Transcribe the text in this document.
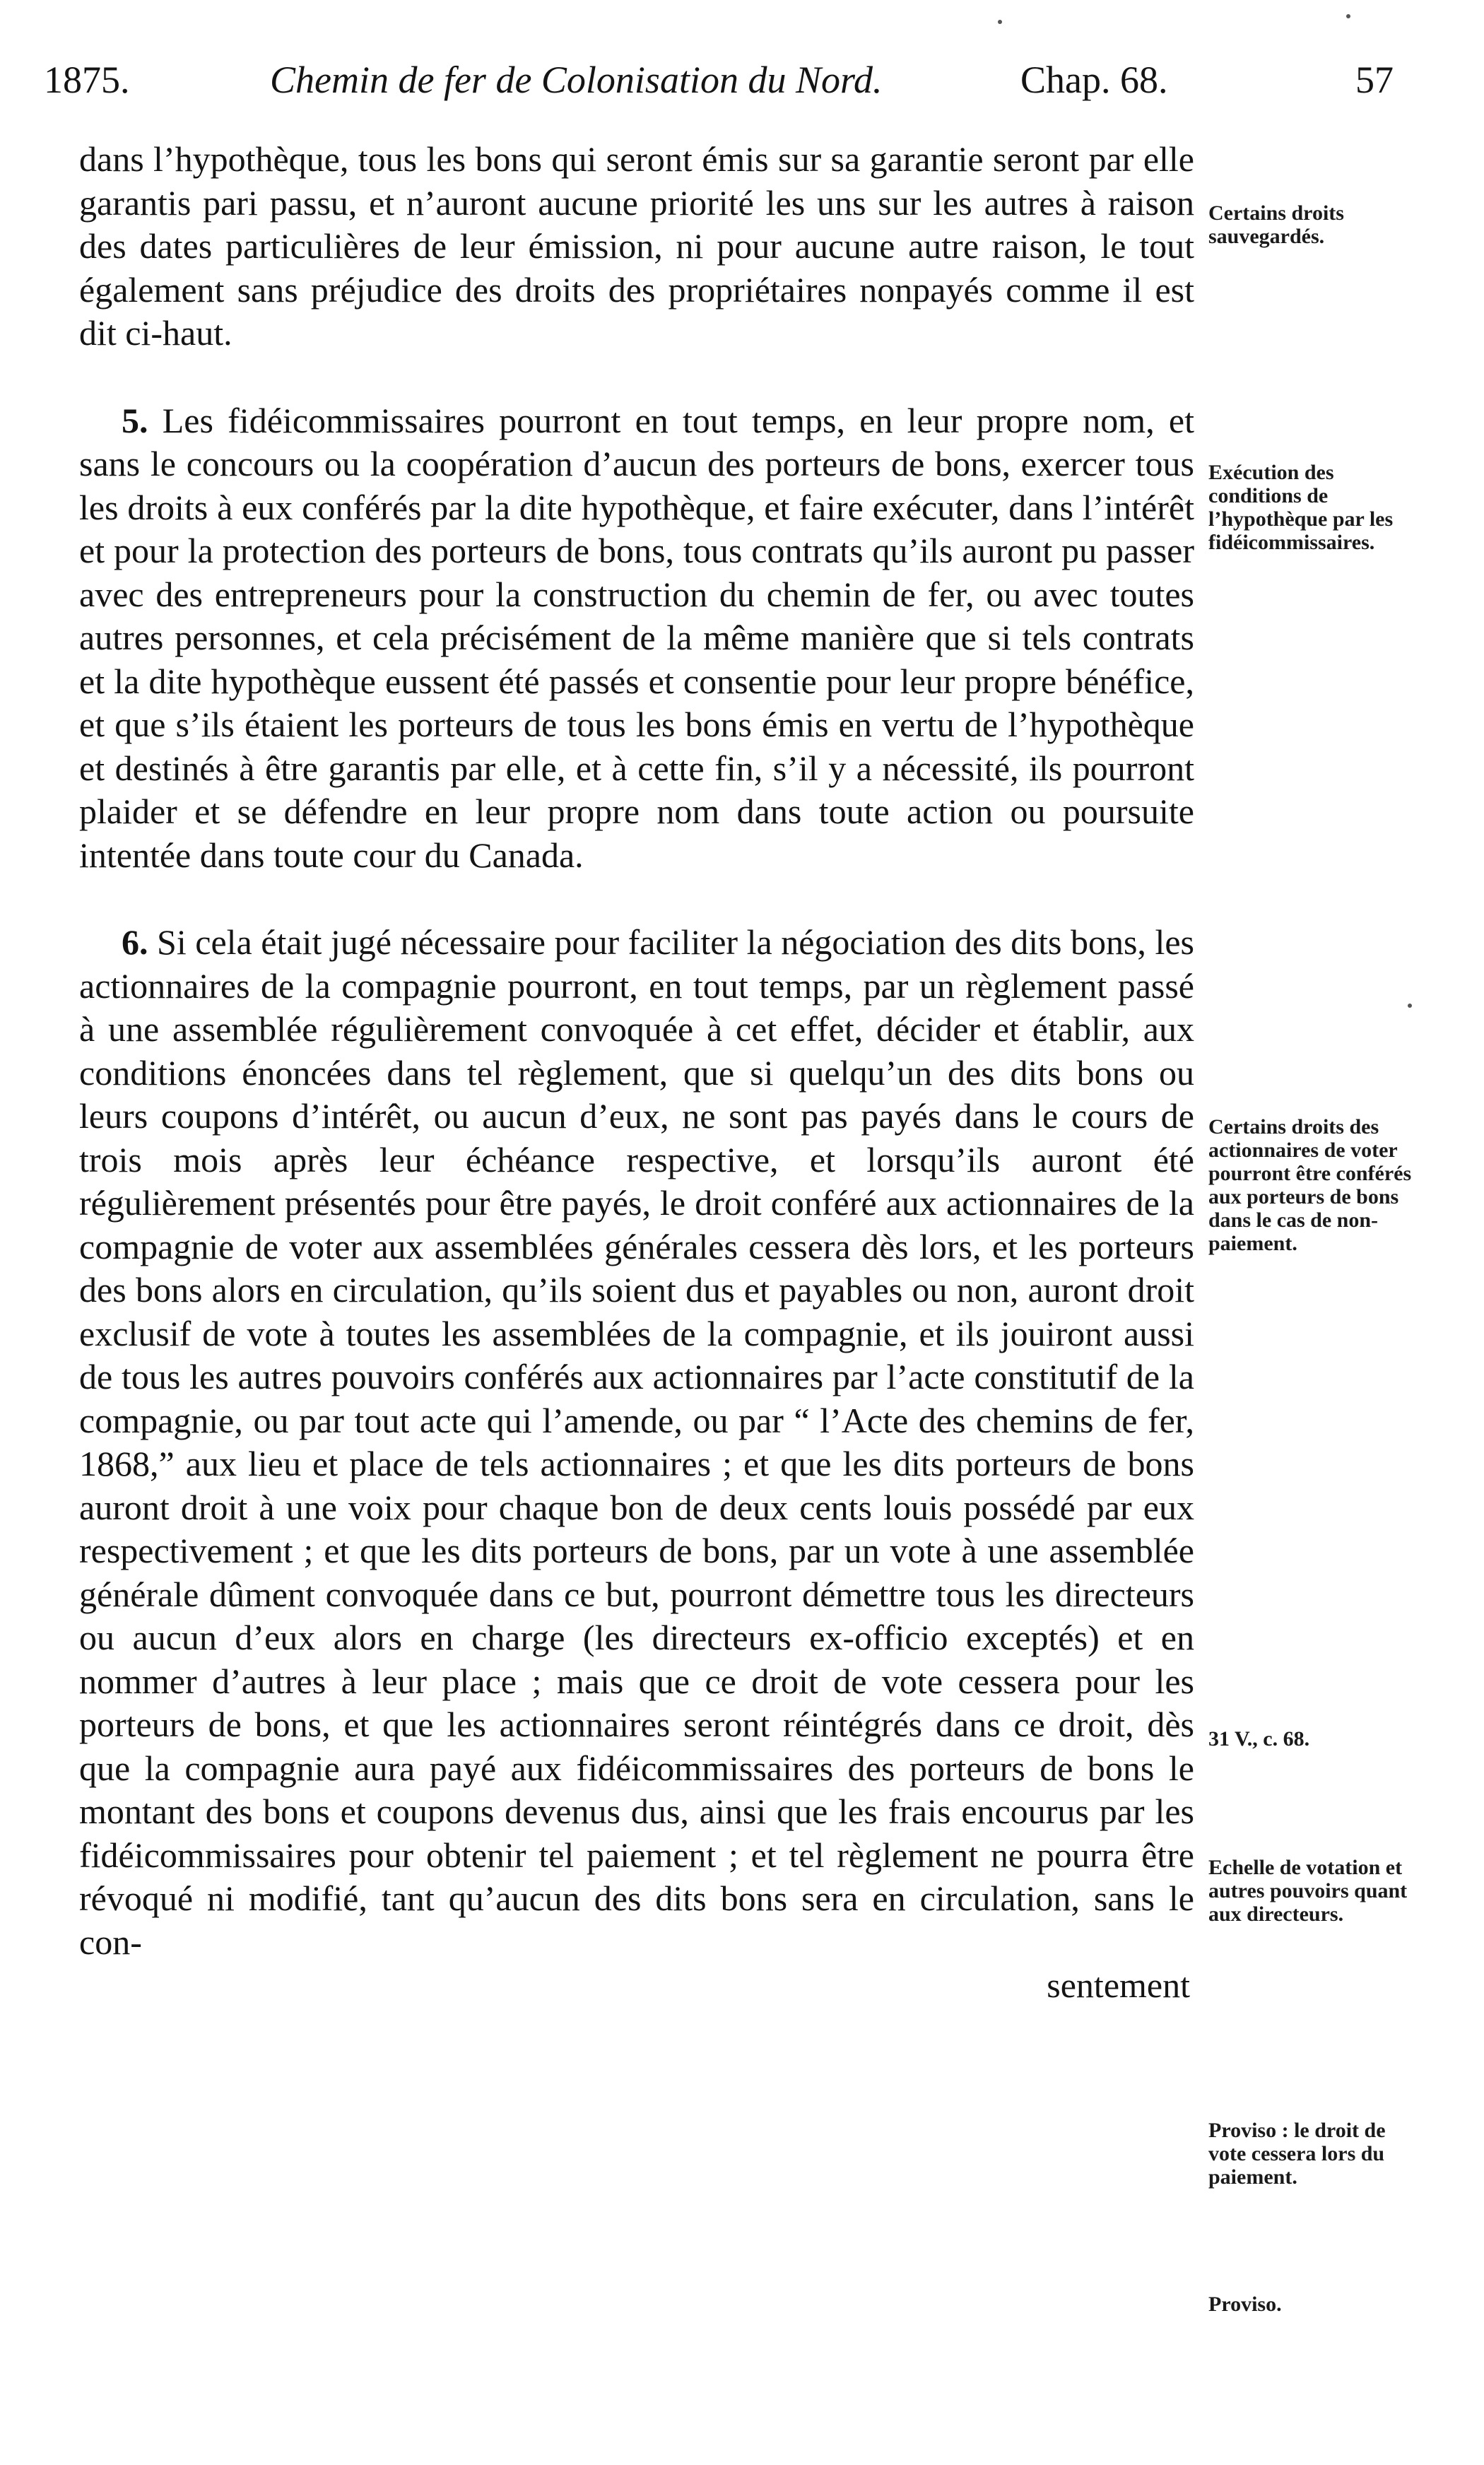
1875.	Chemin de fer de Colonisation du Nord.	Chap. 68.	57

dans l’hypothèque, tous les bons qui seront émis sur sa garantie seront par elle garantis pari passu, et n’auront aucune priorité les uns sur les autres à raison des dates particulières de leur émission, ni pour aucune autre raison, le tout également sans préjudice des droits des propriétaires nonpayés comme il est dit ci-haut.

5. Les fidéicommissaires pourront en tout temps, en leur propre nom, et sans le concours ou la coopération d’aucun des porteurs de bons, exercer tous les droits à eux conférés par la dite hypothèque, et faire exécuter, dans l’intérêt et pour la protection des porteurs de bons, tous contrats qu’ils auront pu passer avec des entrepreneurs pour la construction du chemin de fer, ou avec toutes autres personnes, et cela précisément de la même manière que si tels contrats et la dite hypothèque eussent été passés et consentie pour leur propre bénéfice, et que s’ils étaient les porteurs de tous les bons émis en vertu de l’hypothèque et destinés à être garantis par elle, et à cette fin, s’il y a nécessité, ils pourront plaider et se défendre en leur propre nom dans toute action ou poursuite intentée dans toute cour du Canada.

6. Si cela était jugé nécessaire pour faciliter la négociation des dits bons, les actionnaires de la compagnie pourront, en tout temps, par un règlement passé à une assemblée régulièrement convoquée à cet effet, décider et établir, aux conditions énoncées dans tel règlement, que si quelqu’un des dits bons ou leurs coupons d’intérêt, ou aucun d’eux, ne sont pas payés dans le cours de trois mois après leur échéance respective, et lorsqu’ils auront été régulièrement présentés pour être payés, le droit conféré aux actionnaires de la compagnie de voter aux assemblées générales cessera dès lors, et les porteurs des bons alors en circulation, qu’ils soient dus et payables ou non, auront droit exclusif de vote à toutes les assemblées de la compagnie, et ils jouiront aussi de tous les autres pouvoirs conférés aux actionnaires par l’acte constitutif de la compagnie, ou par tout acte qui l’amende, ou par “ l’Acte des chemins de fer, 1868,” aux lieu et place de tels actionnaires ; et que les dits porteurs de bons auront droit à une voix pour chaque bon de deux cents louis possédé par eux respectivement ; et que les dits porteurs de bons, par un vote à une assemblée générale dûment convoquée dans ce but, pourront démettre tous les directeurs ou aucun d’eux alors en charge (les directeurs ex-officio exceptés) et en nommer d’autres à leur place ; mais que ce droit de vote cessera pour les porteurs de bons, et que les actionnaires seront réintégrés dans ce droit, dès que la compagnie aura payé aux fidéicommissaires des porteurs de bons le montant des bons et coupons devenus dus, ainsi que les frais encourus par les fidéicommissaires pour obtenir tel paiement ; et tel règlement ne pourra être révoqué ni modifié, tant qu’aucun des dits bons sera en circulation, sans le con-

sentement

Certains droits sauvegardés.
Exécution des conditions de l’hypothèque par les fidéicommissaires.
Certains droits des actionnaires de voter pourront être conférés aux porteurs de bons dans le cas de non-paiement.
31 V., c. 68.
Echelle de votation et autres pouvoirs quant aux directeurs.
Proviso : le droit de vote cessera lors du paiement.
Proviso.
